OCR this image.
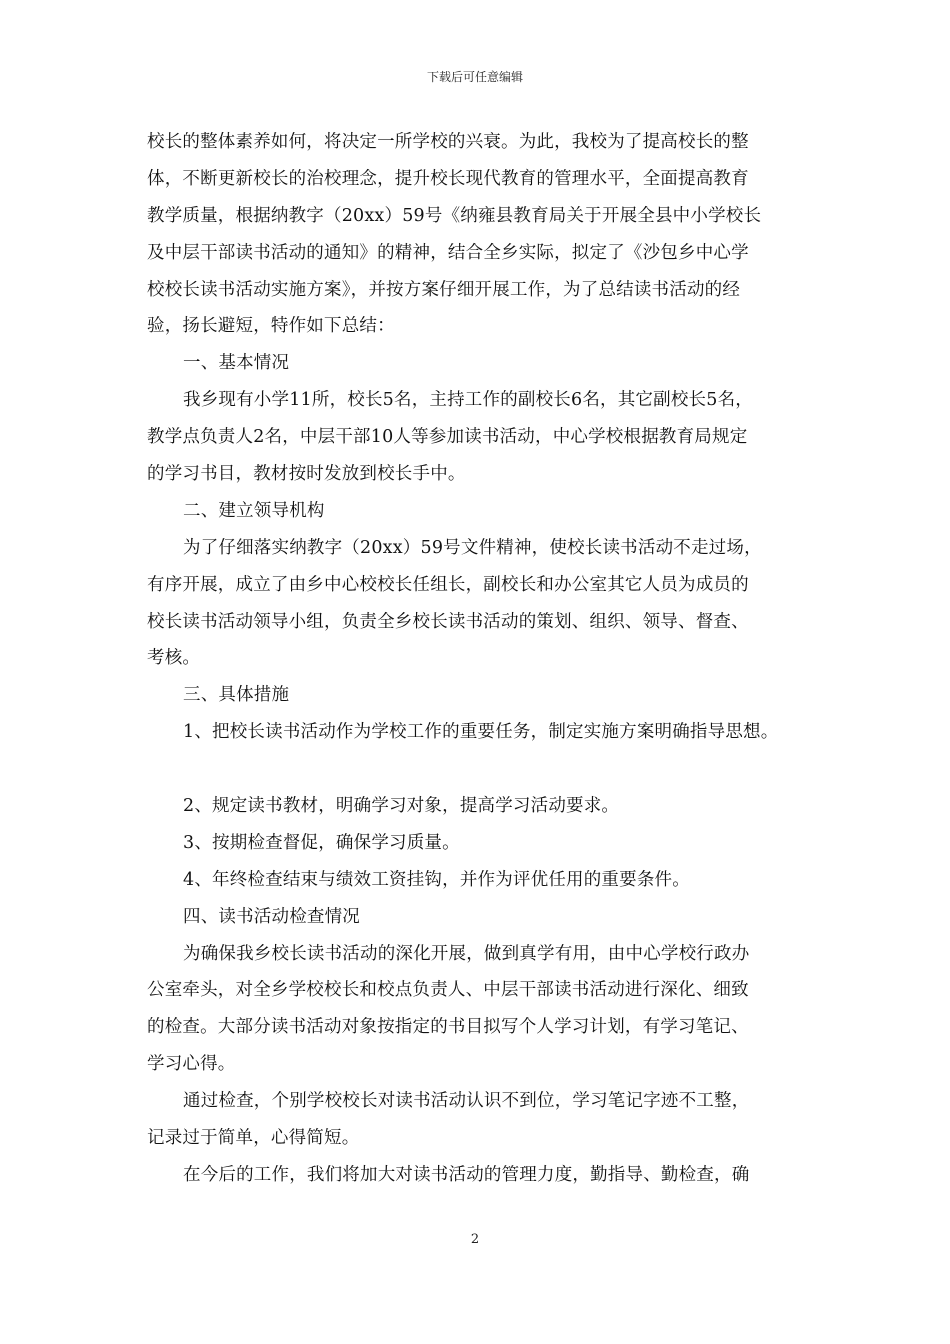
下载后可任意编辑
校长的整体素养如何，将决定一所学校的兴衰。为此，我校为了提高校长的整
体，不断更新校长的治校理念，提升校长现代教育的管理水平，全面提高教育
教学质量，根据纳教字（20xx）59号《纳雍县教育局关于开展全县中小学校长
及中层干部读书活动的通知》的精神，结合全乡实际，拟定了《沙包乡中心学
校校长读书活动实施方案》，并按方案仔细开展工作，为了总结读书活动的经
验，扬长避短，特作如下总结：
一、基本情况
我乡现有小学11所，校长5名，主持工作的副校长6名，其它副校长5名，
教学点负责人2名，中层干部10人等参加读书活动，中心学校根据教育局规定
的学习书目，教材按时发放到校长手中。
二、建立领导机构
为了仔细落实纳教字（20xx）59号文件精神，使校长读书活动不走过场，
有序开展，成立了由乡中心校校长任组长，副校长和办公室其它人员为成员的
校长读书活动领导小组，负责全乡校长读书活动的策划、组织、领导、督查、
考核。
三、具体措施
1、把校长读书活动作为学校工作的重要任务，制定实施方案明确指导思想。
2、规定读书教材，明确学习对象，提高学习活动要求。
3、按期检查督促，确保学习质量。
4、年终检查结束与绩效工资挂钩，并作为评优任用的重要条件。
四、读书活动检查情况
为确保我乡校长读书活动的深化开展，做到真学有用，由中心学校行政办
公室牵头，对全乡学校校长和校点负责人、中层干部读书活动进行深化、细致
的检查。大部分读书活动对象按指定的书目拟写个人学习计划，有学习笔记、
学习心得。
通过检查，个别学校校长对读书活动认识不到位，学习笔记字迹不工整，
记录过于简单，心得简短。
在今后的工作，我们将加大对读书活动的管理力度，勤指导、勤检查，确
2
